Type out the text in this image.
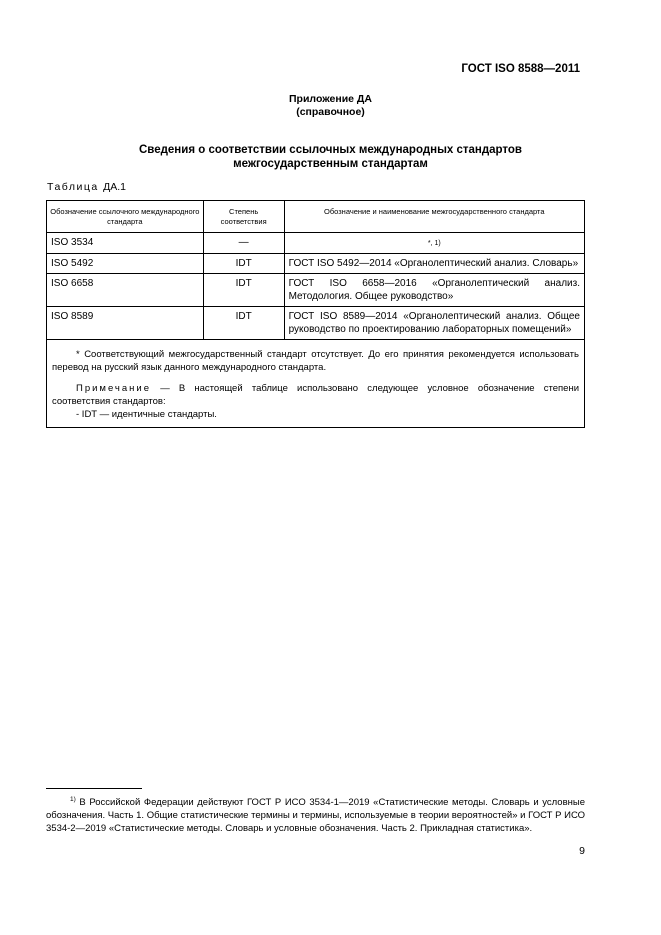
ГОСТ ISO 8588—2011
Приложение ДА
(справочное)
Сведения о соответствии ссылочных международных стандартов
межгосударственным стандартам
Таблица ДА.1
Обозначение ссылочного международного стандарта	Степень соответствия	Обозначение и наименование межгосударственного стандарта
ISO 3534	—	*, 1)
ISO 5492	IDT	ГОСТ ISO 5492—2014 «Органолептический анализ. Словарь»
ISO 6658	IDT	ГОСТ ISO 6658—2016 «Органолептический анализ. Методология. Общее руководство»
ISO 8589	IDT	ГОСТ ISO 8589—2014 «Органолептический анализ. Общее руководство по проектированию лабораторных помещений»

* Соответствующий межгосударственный стандарт отсутствует. До его принятия рекомендуется использовать перевод на русский язык данного международного стандарта.

Примечание — В настоящей таблице использовано следующее условное обозначение степени соответствия стандартов:

- IDT — идентичные стандарты.		

$^{1)}$ В Российской Федерации действуют ГОСТ Р ИСО 3534-1—2019 «Статистические методы. Словарь и условные обозначения. Часть 1. Общие статистические термины и термины, используемые в теории вероятностей» и ГОСТ Р ИСО 3534-2—2019 «Статистические методы. Словарь и условные обозначения. Часть 2. Прикладная статистика».
9
